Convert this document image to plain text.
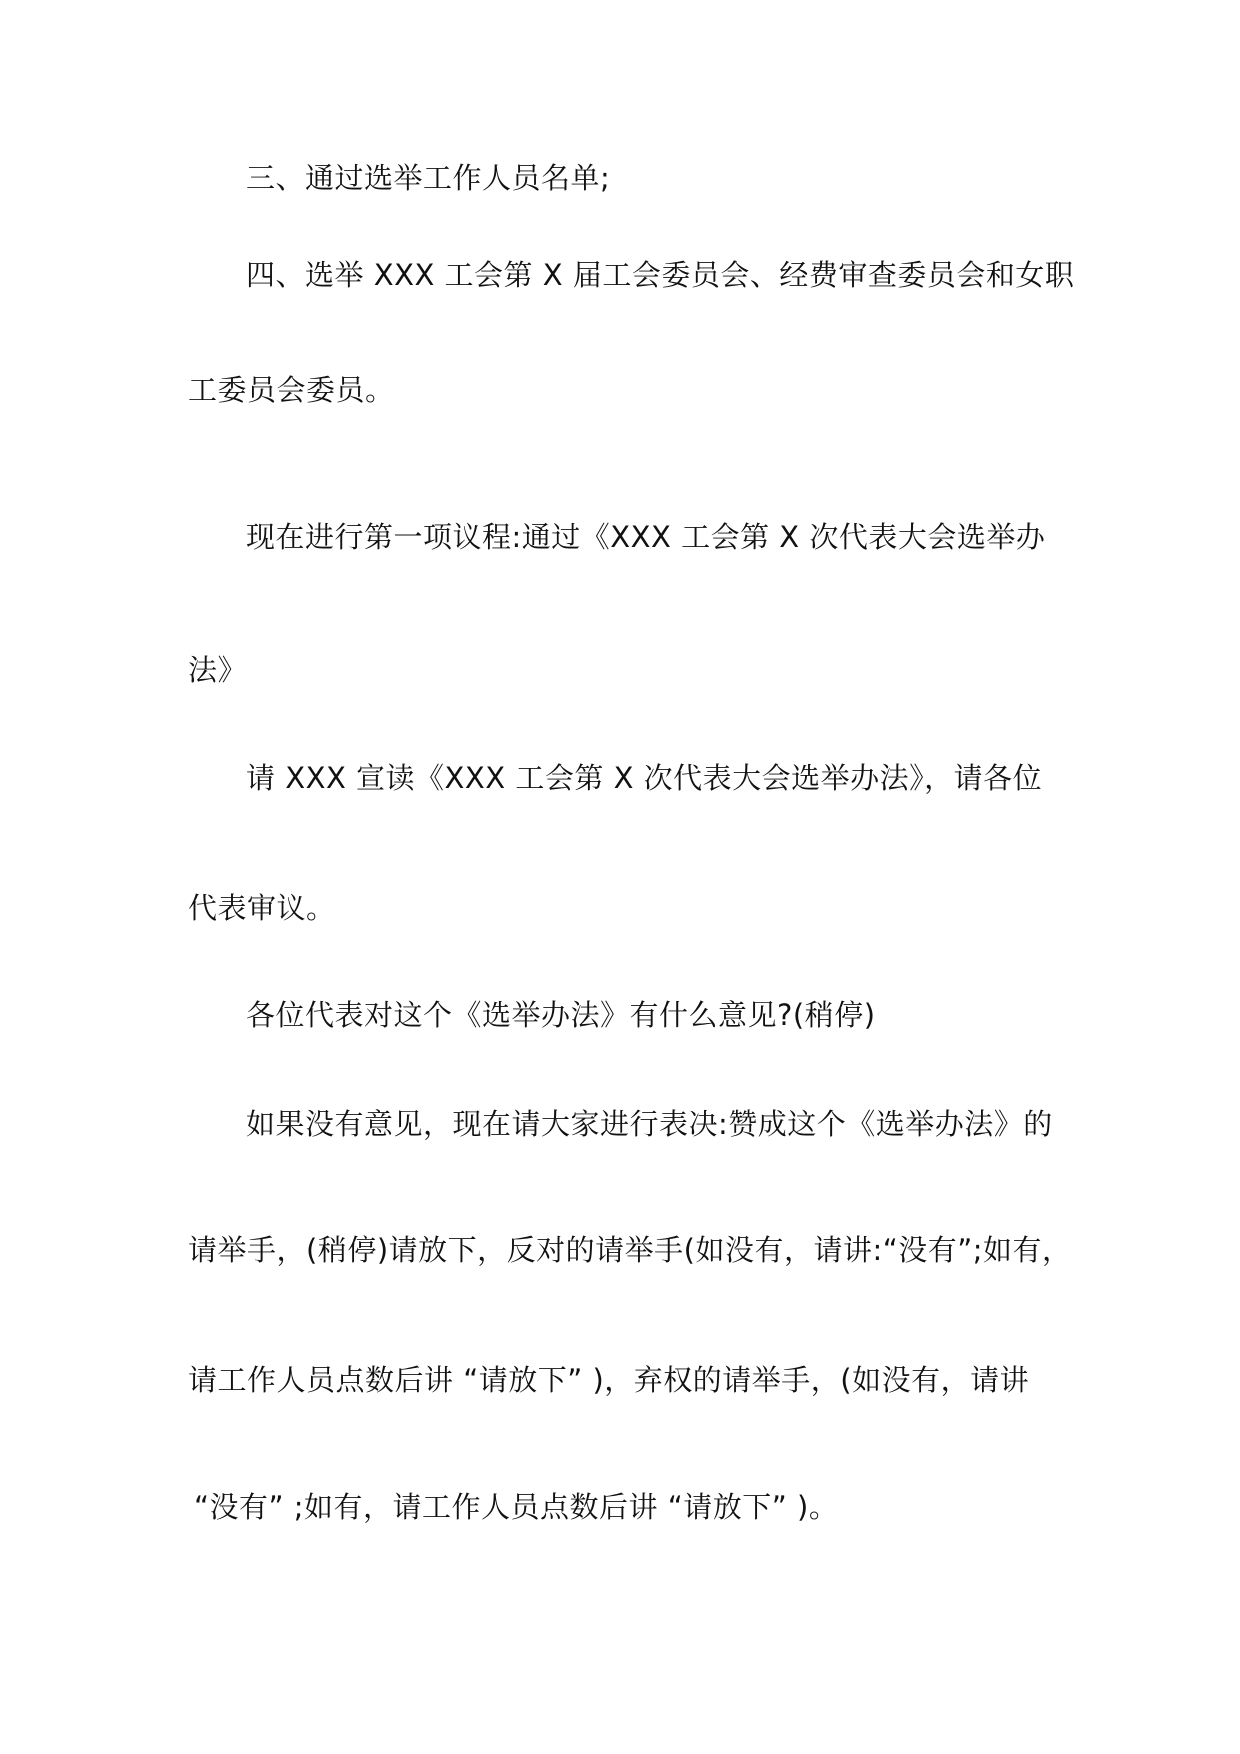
三、通过选举工作人员名单;
四、选举 XXX 工会第 X 届工会委员会、经费审查委员会和女职
工委员会委员。
现在进行第一项议程:通过《XXX 工会第 X 次代表大会选举办
法》
请 XXX 宣读《XXX 工会第 X 次代表大会选举办法》，请各位
代表审议。
各位代表对这个《选举办法》有什么意见?(稍停)
如果没有意见，现在请大家进行表决:赞成这个《选举办法》的
请举手，(稍停)请放下，反对的请举手(如没有，请讲:“没有”;如有，
请工作人员点数后讲 “请放下” )，弃权的请举手，(如没有，请讲
“没有” ;如有，请工作人员点数后讲 “请放下” )。
